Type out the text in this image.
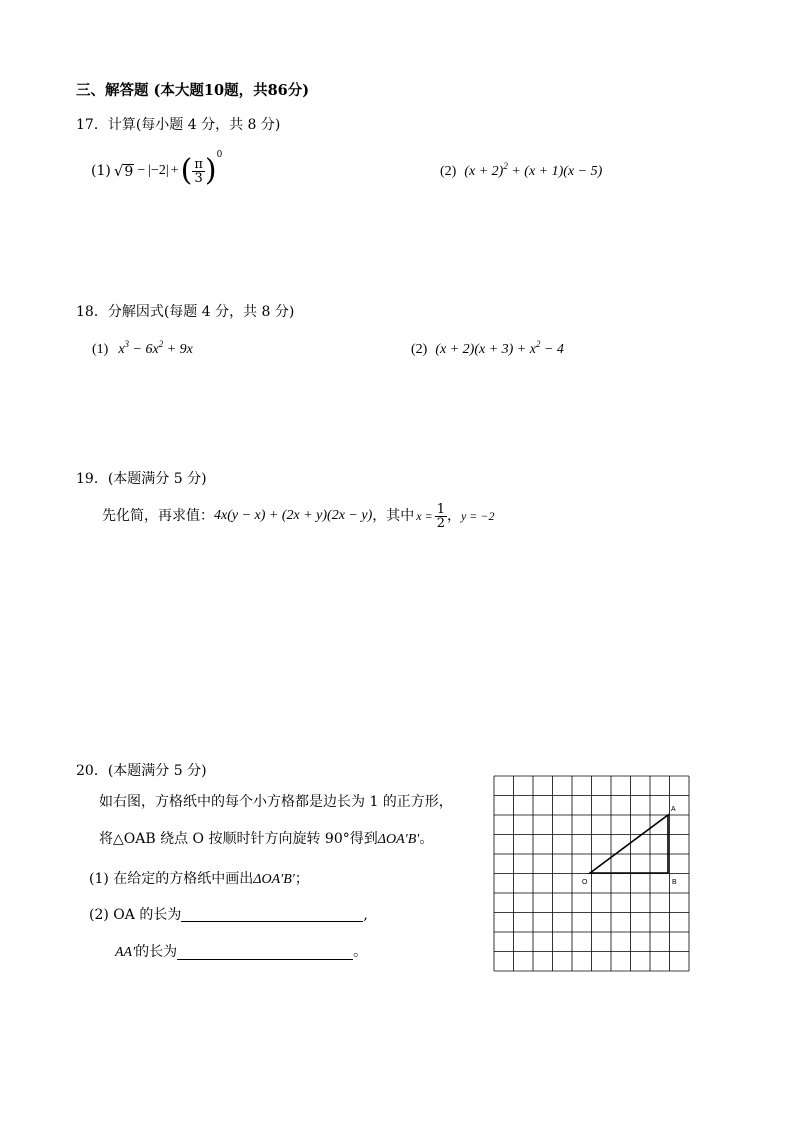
三、解答题 (本大题10题，共86分)
17．计算(每小题 4 分，共 8 分)
(1) √ 9 − |−2| + ( $\frac{\pi}{3}$ ) 0
(2) $(x + 2)^2 + (x + 1)(x - 5)$
18．分解因式(每题 4 分，共 8 分)
(1) $x^3 - 6x^2 + 9x$	(2) $(x + 2)(x + 3) + x^2 - 4$
19．(本题满分 5 分)
先化简，再求值： 4x(y − x) + (2x + y)(2x − y) ，其中 $x = \frac{1}{2}$ ， y = −2
20．(本题满分 5 分)
如右图，方格纸中的每个小方格都是边长为 1 的正方形，
将△OAB 绕点 O 按顺时针方向旋转 90°得到ΔOA′B′。
(1) 在给定的方格纸中画出ΔOA′B′；
(2) OA 的长为	,
AA′的长为	。
A
O	B
